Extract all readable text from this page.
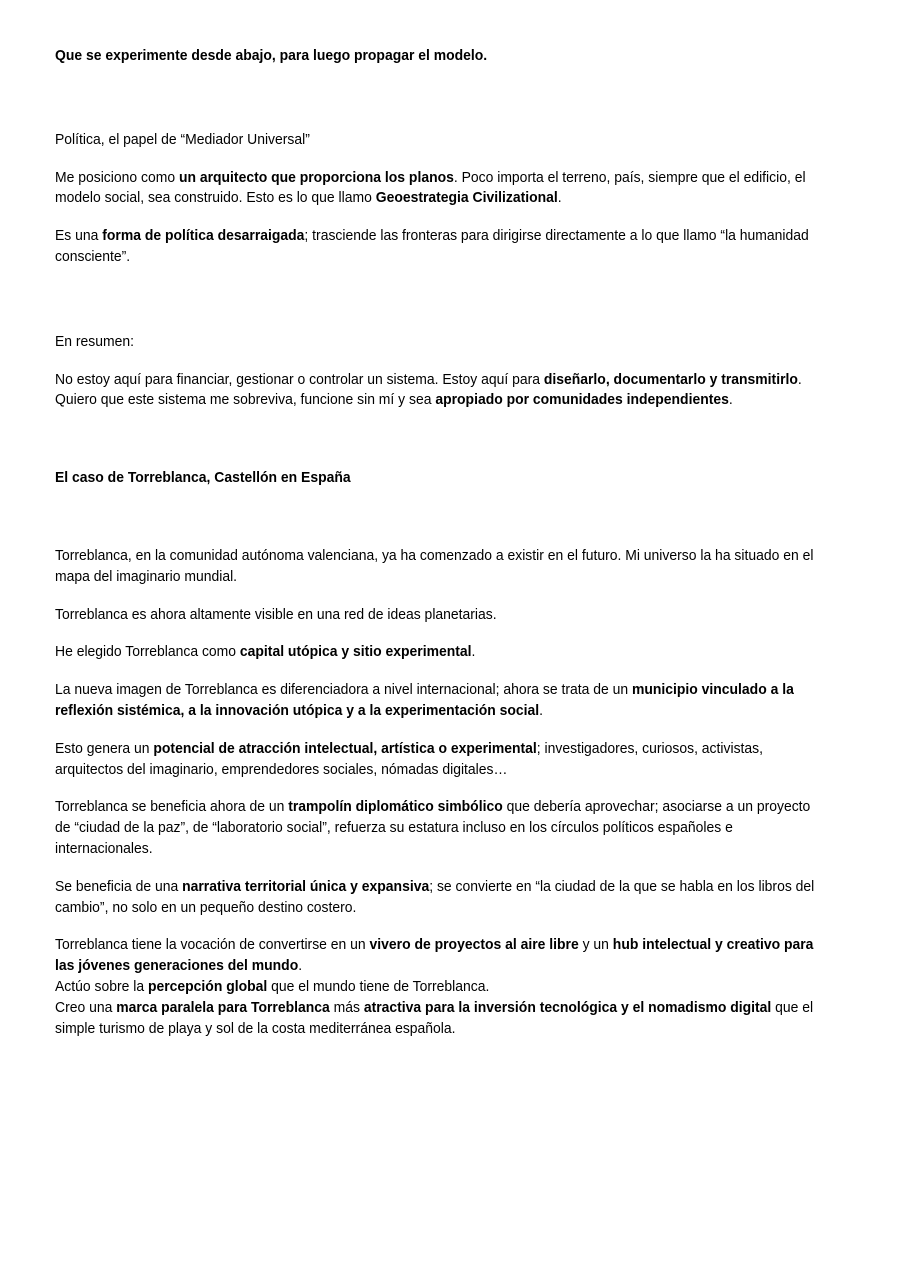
Que se experimente desde abajo, para luego propagar el modelo.

Política, el papel de “Mediador Universal”

Me posiciono como un arquitecto que proporciona los planos. Poco importa el terreno, país, siempre que el edificio, el modelo social, sea construido. Esto es lo que llamo Geoestrategia Civilizational.

Es una forma de política desarraigada; trasciende las fronteras para dirigirse directamente a lo que llamo “la humanidad consciente”.

En resumen:

No estoy aquí para financiar, gestionar o controlar un sistema. Estoy aquí para diseñarlo, documentarlo y transmitirlo. Quiero que este sistema me sobreviva, funcione sin mí y sea apropiado por comunidades independientes.

El caso de Torreblanca, Castellón en España

Torreblanca, en la comunidad autónoma valenciana, ya ha comenzado a existir en el futuro. Mi universo la ha situado en el mapa del imaginario mundial.

Torreblanca es ahora altamente visible en una red de ideas planetarias.

He elegido Torreblanca como capital utópica y sitio experimental.

La nueva imagen de Torreblanca es diferenciadora a nivel internacional; ahora se trata de un municipio vinculado a la reflexión sistémica, a la innovación utópica y a la experimentación social.

Esto genera un potencial de atracción intelectual, artística o experimental; investigadores, curiosos, activistas, arquitectos del imaginario, emprendedores sociales, nómadas digitales…

Torreblanca se beneficia ahora de un trampolín diplomático simbólico que debería aprovechar; asociarse a un proyecto de “ciudad de la paz”, de “laboratorio social”, refuerza su estatura incluso en los círculos políticos españoles e internacionales.

Se beneficia de una narrativa territorial única y expansiva; se convierte en “la ciudad de la que se habla en los libros del cambio”, no solo en un pequeño destino costero.

Torreblanca tiene la vocación de convertirse en un vivero de proyectos al aire libre y un hub intelectual y creativo para las jóvenes generaciones del mundo.

Actúo sobre la percepción global que el mundo tiene de Torreblanca.

Creo una marca paralela para Torreblanca más atractiva para la inversión tecnológica y el nomadismo digital que el simple turismo de playa y sol de la costa mediterránea española.
